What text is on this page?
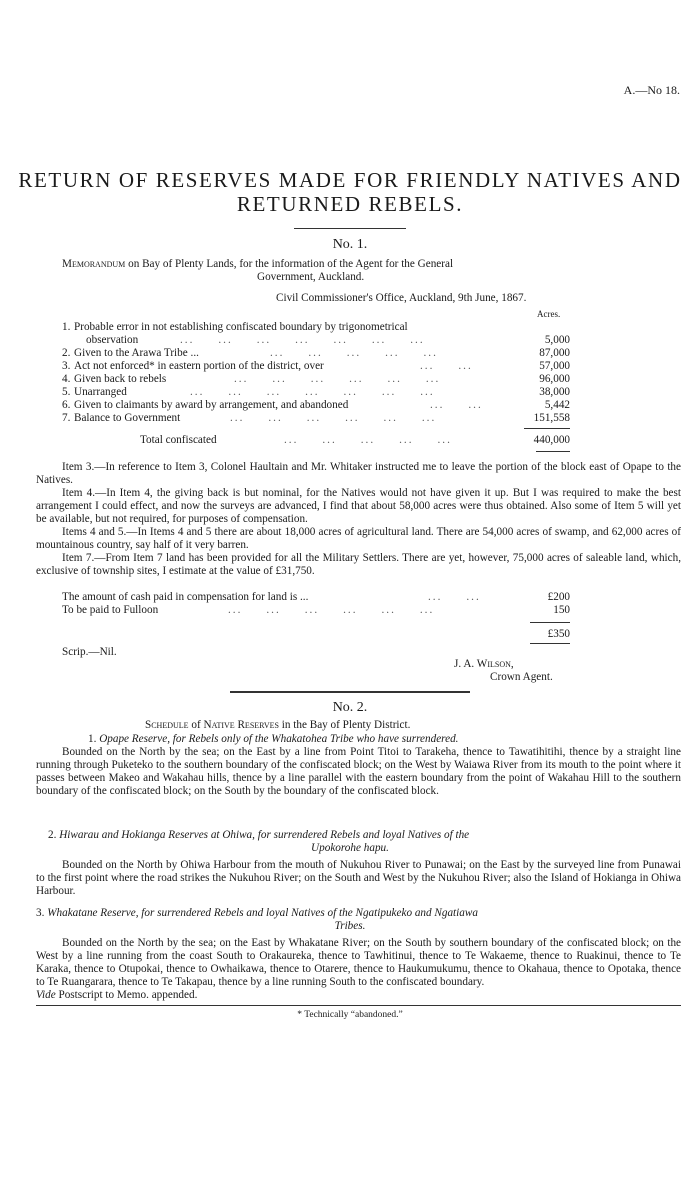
A.—No 18.
RETURN OF RESERVES MADE FOR FRIENDLY NATIVES AND
RETURNED REBELS.
No. 1.
Memorandum on Bay of Plenty Lands, for the information of the Agent for the General
Government, Auckland.
Civil Commissioner's Office, Auckland, 9th June, 1867.
Acres.
1. Probable error in not establishing confiscated boundary by trigonometrical
observation	...     ...     ...     ...     ...     ...     ...	5,000
2. Given to the Arawa Tribe ...	...     ...     ...     ...     ...	87,000
3. Act not enforced* in eastern portion of the district, over	...     ...	57,000
4. Given back to rebels	...     ...     ...     ...     ...     ...	96,000
5. Unarranged	...     ...     ...     ...     ...     ...     ...	38,000
6. Given to claimants by award by arrangement, and abandoned	...     ...	5,442
7. Balance to Government	...     ...     ...     ...     ...     ...	151,558
Total confiscated	...     ...     ...     ...     ...	440,000
Item 3.—In reference to Item 3, Colonel Haultain and Mr. Whitaker instructed me to leave the portion of the block east of Opape to the Natives.
Item 4.—In Item 4, the giving back is but nominal, for the Natives would not have given it up. But I was required to make the best arrangement I could effect, and now the surveys are advanced, I find that about 58,000 acres were thus obtained. Also some of Item 5 will yet be available, but not required, for purposes of compensation.
Items 4 and 5.—In Items 4 and 5 there are about 18,000 acres of agricultural land. There are 54,000 acres of swamp, and 62,000 acres of mountainous country, say half of it very barren.
Item 7.—From Item 7 land has been provided for all the Military Settlers. There are yet, however, 75,000 acres of saleable land, which, exclusive of township sites, I estimate at the value of £31,750.
The amount of cash paid in compensation for land is ...	...     ...	£200
To be paid to Fulloon	...     ...     ...     ...     ...     ...	150
£350
Scrip.—Nil.
J. A. Wilson,
Crown Agent.
No. 2.
Schedule of Native Reserves in the Bay of Plenty District.
1. Opape Reserve, for Rebels only of the Whakatohea Tribe who have surrendered.
Bounded on the North by the sea; on the East by a line from Point Titoi to Tarakeha, thence to Tawatihitihi, thence by a straight line running through Puketeko to the southern boundary of the confiscated block; on the West by Waiawa River from its mouth to the point where it passes between Makeo and Wakahau hills, thence by a line parallel with the eastern boundary from the point of Wakahau Hill to the southern boundary of the confiscated block; on the South by the boundary of the confiscated block.
2. Hiwarau and Hokianga Reserves at Ohiwa, for surrendered Rebels and loyal Natives of the
Upokorohe hapu.
Bounded on the North by Ohiwa Harbour from the mouth of Nukuhou River to Punawai; on the East by the surveyed line from Punawai to the first point where the road strikes the Nukuhou River; on the South and West by the Nukuhou River; also the Island of Hokianga in Ohiwa Harbour.
3. Whakatane Reserve, for surrendered Rebels and loyal Natives of the Ngatipukeko and Ngatiawa
Tribes.
Bounded on the North by the sea; on the East by Whakatane River; on the South by southern boundary of the confiscated block; on the West by a line running from the coast South to Orakaureka, thence to Tawhitinui, thence to Te Wakaeme, thence to Ruakinui, thence to Te Karaka, thence to Otupokai, thence to Owhaikawa, thence to Otarere, thence to Haukumukumu, thence to Okahaua, thence to Opotaka, thence to Te Ruangarara, thence to Te Takapau, thence by a line running South to the confiscated boundary.
Vide Postscript to Memo. appended.
* Technically “abandoned.”
